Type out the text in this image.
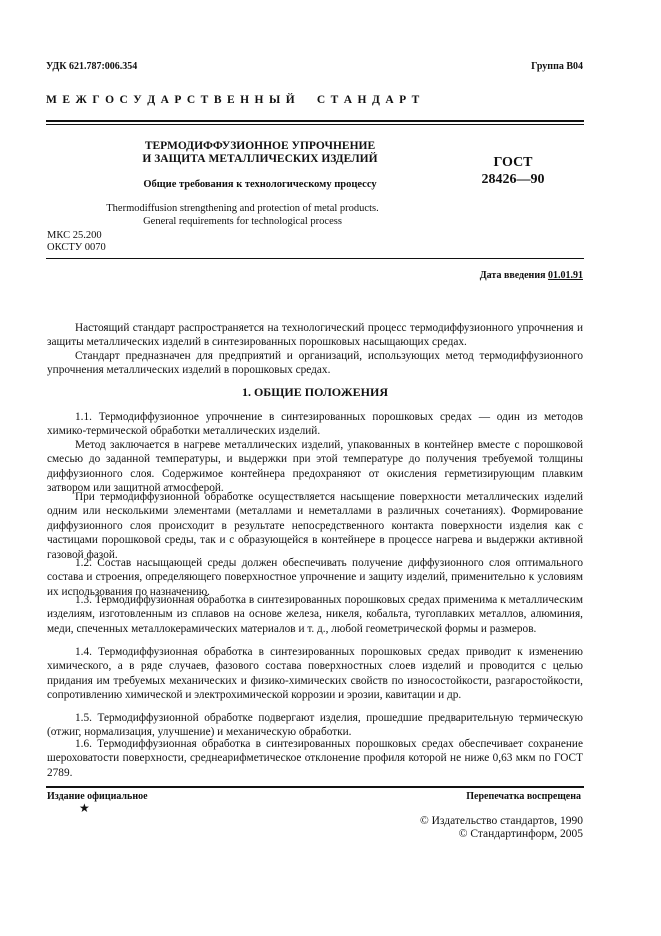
УДК 621.787:006.354	Группа В04
М Е Ж Г О С У Д А Р С Т В Е Н Н Ы Й     С Т А Н Д А Р Т
ТЕРМОДИФФУЗИОННОЕ УПРОЧНЕНИЕ
И ЗАЩИТА МЕТАЛЛИЧЕСКИХ ИЗДЕЛИЙ
Общие требования к технологическому процессу
Thermodiffusion strengthening and protection of metal products.
General requirements for technological process
ГОСТ
28426—90
МКС 25.200
ОКСТУ 0070
Дата введения 01.01.91

Настоящий стандарт распространяется на технологический процесс термодиффузионного упрочнения и защиты металлических изделий в синтезированных порошковых насыщающих средах.

Стандарт предназначен для предприятий и организаций, использующих метод термодиффузионного упрочнения металлических изделий в порошковых средах.

1. ОБЩИЕ ПОЛОЖЕНИЯ

1.1. Термодиффузионное упрочнение в синтезированных порошковых средах — один из методов химико-термической обработки металлических изделий.

Метод заключается в нагреве металлических изделий, упакованных в контейнер вместе с порошковой смесью до заданной температуры, и выдержки при этой температуре до получения требуемой толщины диффузионного слоя. Содержимое контейнера предохраняют от окисления герметизирующим плавким затвором или защитной атмосферой.

При термодиффузионной обработке осуществляется насыщение поверхности металлических изделий одним или несколькими элементами (металлами и неметаллами в различных сочетаниях). Формирование диффузионного слоя происходит в результате непосредственного контакта поверхности изделия как с частицами порошковой среды, так и с образующейся в контейнере в процессе нагрева и выдержки активной газовой фазой.

1.2. Состав насыщающей среды должен обеспечивать получение диффузионного слоя оптимального состава и строения, определяющего поверхностное упрочнение и защиту изделий, применительно к условиям их использования по назначению.

1.3. Термодиффузионная обработка в синтезированных порошковых средах применима к металлическим изделиям, изготовленным из сплавов на основе железа, никеля, кобальта, тугоплавких металлов, алюминия, меди, спеченных металлокерамических материалов и т. д., любой геометрической формы и размеров.

1.4. Термодиффузионная обработка в синтезированных порошковых средах приводит к изменению химического, а в ряде случаев, фазового состава поверхностных слоев изделий и проводится с целью придания им требуемых механических и физико-химических свойств по износостойкости, разгаростойкости, сопротивлению химической и электрохимической коррозии и эрозии, кавитации и др.

1.5. Термодиффузионной обработке подвергают изделия, прошедшие предварительную термическую (отжиг, нормализация, улучшение) и механическую обработки.

1.6. Термодиффузионная обработка в синтезированных порошковых средах обеспечивает сохранение шероховатости поверхности, среднеарифметическое отклонение профиля которой не ниже 0,63 мкм по ГОСТ 2789.

Издание официальное
★
Перепечатка воспрещена
© Издательство стандартов, 1990
© Стандартинформ, 2005
